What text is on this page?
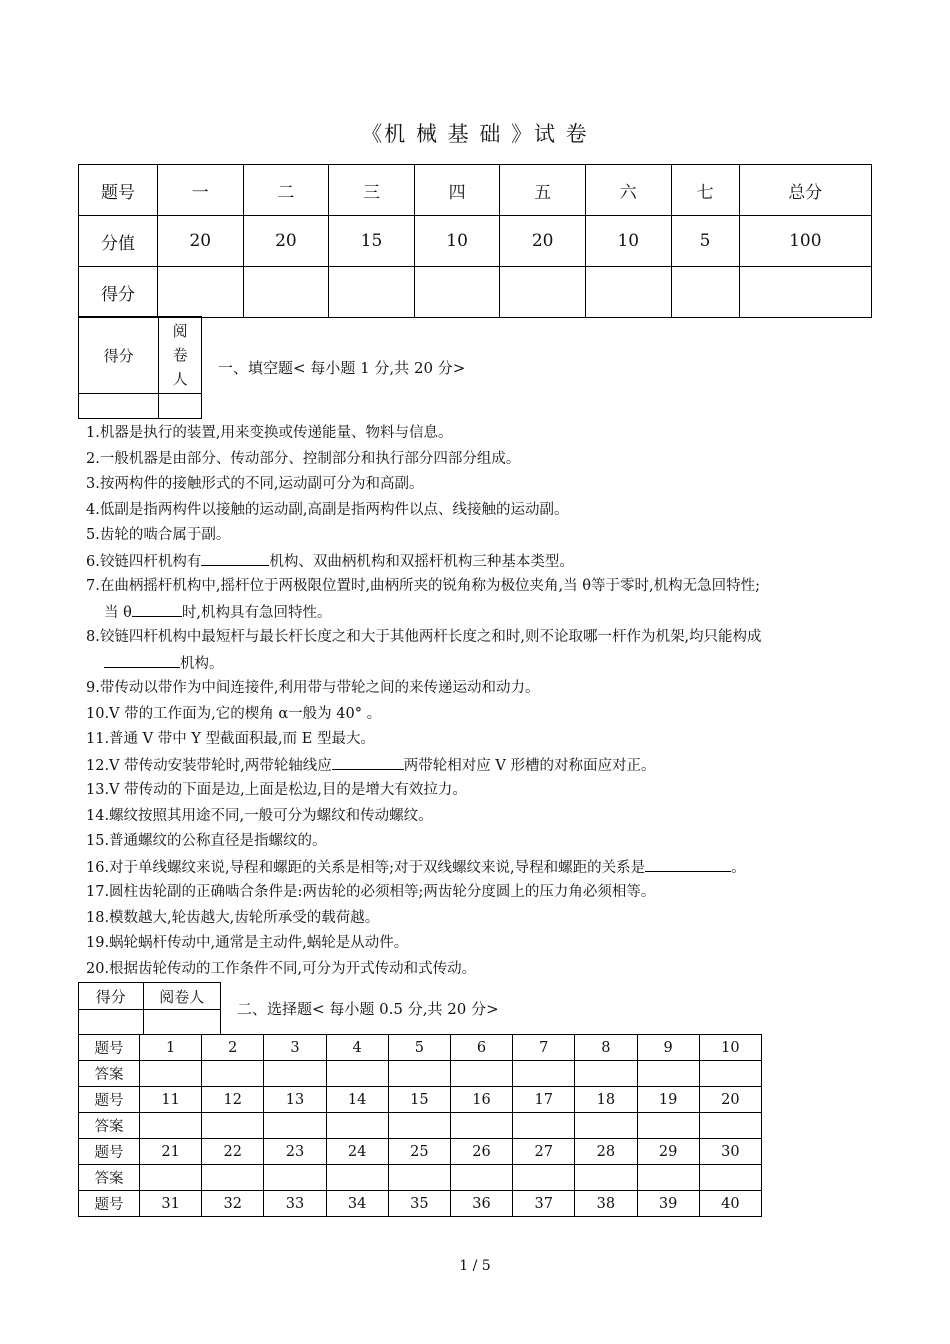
《机 械 基 础 》试 卷
题号	一	二	三	四	五	六	七	总分
分值	20	20	15	10	20	10	5	100
得分								
得分	阅
卷
人

一、填空题< 每小题 1 分,共 20 分>
1.机器是执行的装置,用来变换或传递能量、物料与信息。
2.一般机器是由部分、传动部分、控制部分和执行部分四部分组成。
3.按两构件的接触形式的不同,运动副可分为和高副。
4.低副是指两构件以接触的运动副,高副是指两构件以点、线接触的运动副。
5.齿轮的啮合属于副。
6.铰链四杆机构有	机构、双曲柄机构和双摇杆机构三种基本类型。
7.在曲柄摇杆机构中,摇杆位于两极限位置时,曲柄所夹的锐角称为极位夹角,当 θ等于零时,机构无急回特性;
当 θ	时,机构具有急回特性。
8.铰链四杆机构中最短杆与最长杆长度之和大于其他两杆长度之和时,则不论取哪一杆作为机架,均只能构成
机构。
9.带传动以带作为中间连接件,利用带与带轮之间的来传递运动和动力。
10.V 带的工作面为,它的楔角 α一般为 40° 。
11.普通 V 带中 Y 型截面积最,而 E 型最大。
12.V 带传动安装带轮时,两带轮轴线应	两带轮相对应 V 形槽的对称面应对正。
13.V 带传动的下面是边,上面是松边,目的是增大有效拉力。
14.螺纹按照其用途不同,一般可分为螺纹和传动螺纹。
15.普通螺纹的公称直径是指螺纹的。
16.对于单线螺纹来说,导程和螺距的关系是相等;对于双线螺纹来说,导程和螺距的关系是	。
17.圆柱齿轮副的正确啮合条件是:两齿轮的必须相等;两齿轮分度圆上的压力角必须相等。
18.模数越大,轮齿越大,齿轮所承受的载荷越。
19.蜗轮蜗杆传动中,通常是主动件,蜗轮是从动件。
20.根据齿轮传动的工作条件不同,可分为开式传动和式传动。
得分	阅卷人

二、选择题< 每小题 0.5 分,共 20 分>
题号	1	2	3	4	5	6	7	8	9	10
答案										
题号	11	12	13	14	15	16	17	18	19	20
答案										
题号	21	22	23	24	25	26	27	28	29	30
答案										
题号	31	32	33	34	35	36	37	38	39	40
1 / 5
